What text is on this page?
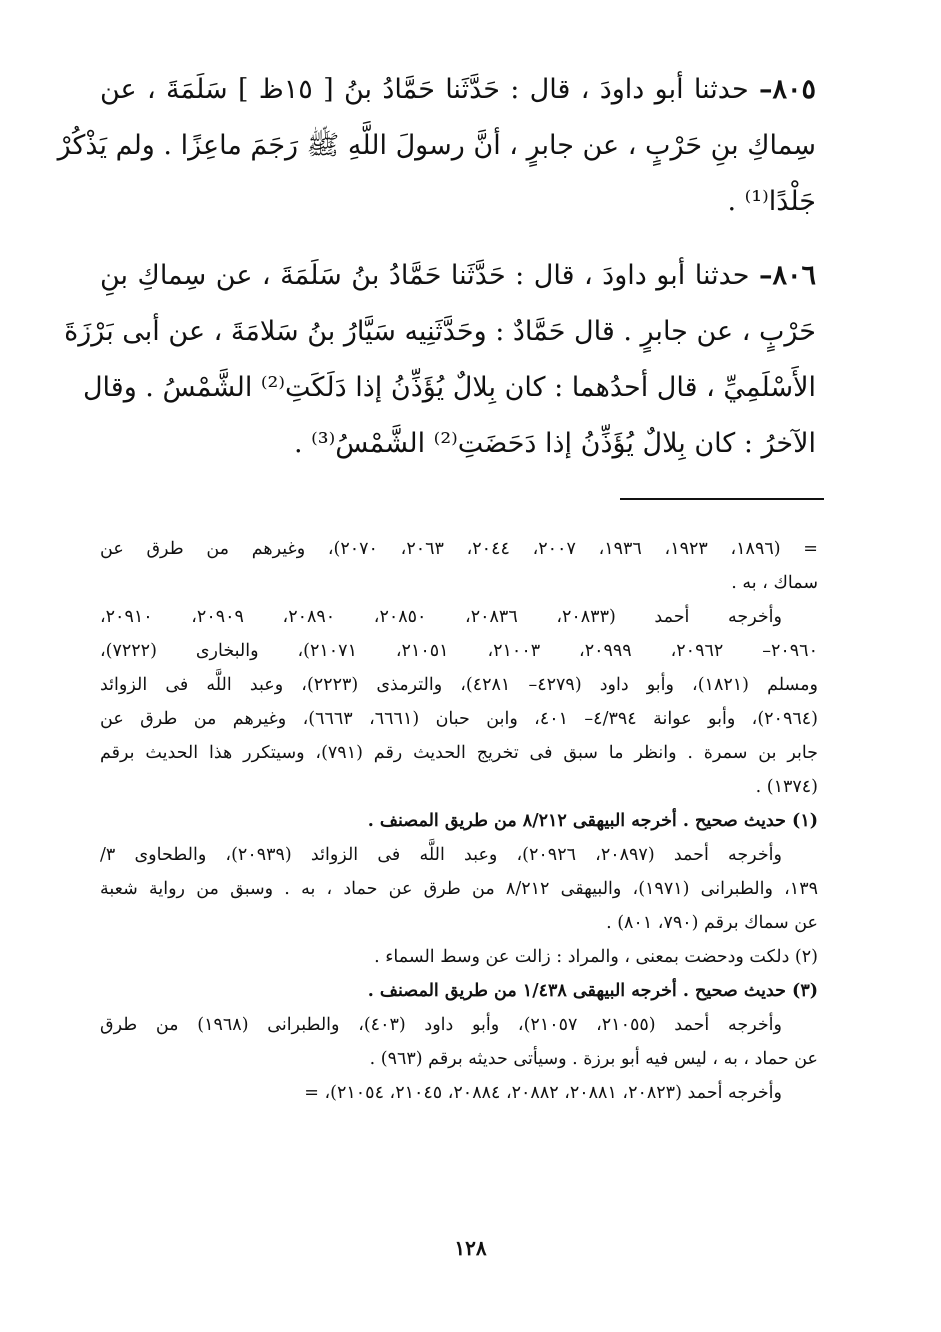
٨٠٥– حدثنا أبو داودَ ، قال : حَدَّثَنا حَمَّادُ بنُ [ ١٥ظ ] سَلَمَةَ ، عن
سِماكِ بنِ حَرْبٍ ، عن جابرٍ ، أنَّ رسولَ اللَّهِ ﷺ رَجَمَ ماعِزًا . ولم يَذْكُرْ
جَلْدًا⁽¹⁾ .
٨٠٦– حدثنا أبو داودَ ، قال : حَدَّثَنا حَمَّادُ بنُ سَلَمَةَ ، عن سِماكِ بنِ
حَرْبٍ ، عن جابرٍ . قال حَمَّادٌ : وحَدَّثَنِيه سَيَّارُ بنُ سَلامَةَ ، عن أبى بَرْزَةَ
الأَسْلَمِيِّ ، قال أحدُهما : كان بِلالٌ يُؤَذِّنُ إذا دَلَكَتِ⁽²⁾ الشَّمْسُ . وقال
الآخرُ : كان بِلالٌ يُؤَذِّنُ إذا دَحَضَتِ⁽²⁾ الشَّمْسُ⁽³⁾ .
= (١٨٩٦، ١٩٢٣، ١٩٣٦، ٢٠٠٧، ٢٠٤٤، ٢٠٦٣، ٢٠٧٠)، وغيرهم من طرق عن
سماك ، به .
وأخرجه أحمد (٢٠٨٣٣، ٢٠٨٣٦، ٢٠٨٥٠، ٢٠٨٩٠، ٢٠٩٠٩، ٢٠٩١٠،
٢٠٩٦٠– ٢٠٩٦٢، ٢٠٩٩٩، ٢١٠٠٣، ٢١٠٥١، ٢١٠٧١)، والبخارى (٧٢٢٢)،
ومسلم (١٨٢١)، وأبو داود (٤٢٧٩– ٤٢٨١)، والترمذى (٢٢٢٣)، وعبد اللَّه فى الزوائد
(٢٠٩٦٤)، وأبو عوانة ٤/٣٩٤– ٤٠١، وابن حبان (٦٦٦١، ٦٦٦٣)، وغيرهم من طرق عن
جابر بن سمرة . وانظر ما سبق فى تخريج الحديث رقم (٧٩١)، وسيتكرر هذا الحديث برقم
(١٣٧٤) .
(١) حديث صحيح . أخرجه البيهقى ٨/٢١٢ من طريق المصنف .
وأخرجه أحمد (٢٠٨٩٧، ٢٠٩٢٦)، وعبد اللَّه فى الزوائد (٢٠٩٣٩)، والطحاوى ٣/
١٣٩، والطبرانى (١٩٧١)، والبيهقى ٨/٢١٢ من طرق عن حماد ، به . وسبق من رواية شعبة
عن سماك برقم (٧٩٠، ٨٠١) .
(٢) دلكت ودحضت بمعنى ، والمراد : زالت عن وسط السماء .
(٣) حديث صحيح . أخرجه البيهقى ١/٤٣٨ من طريق المصنف .
وأخرجه أحمد (٢١٠٥٥، ٢١٠٥٧)، وأبو داود (٤٠٣)، والطبرانى (١٩٦٨) من طرق
عن حماد ، به ، ليس فيه أبو برزة . وسيأتى حديثه برقم (٩٦٣) .
وأخرجه أحمد (٢٠٨٢٣، ٢٠٨٨١، ٢٠٨٨٢، ٢٠٨٨٤، ٢١٠٤٥، ٢١٠٥٤)، =
١٢٨
